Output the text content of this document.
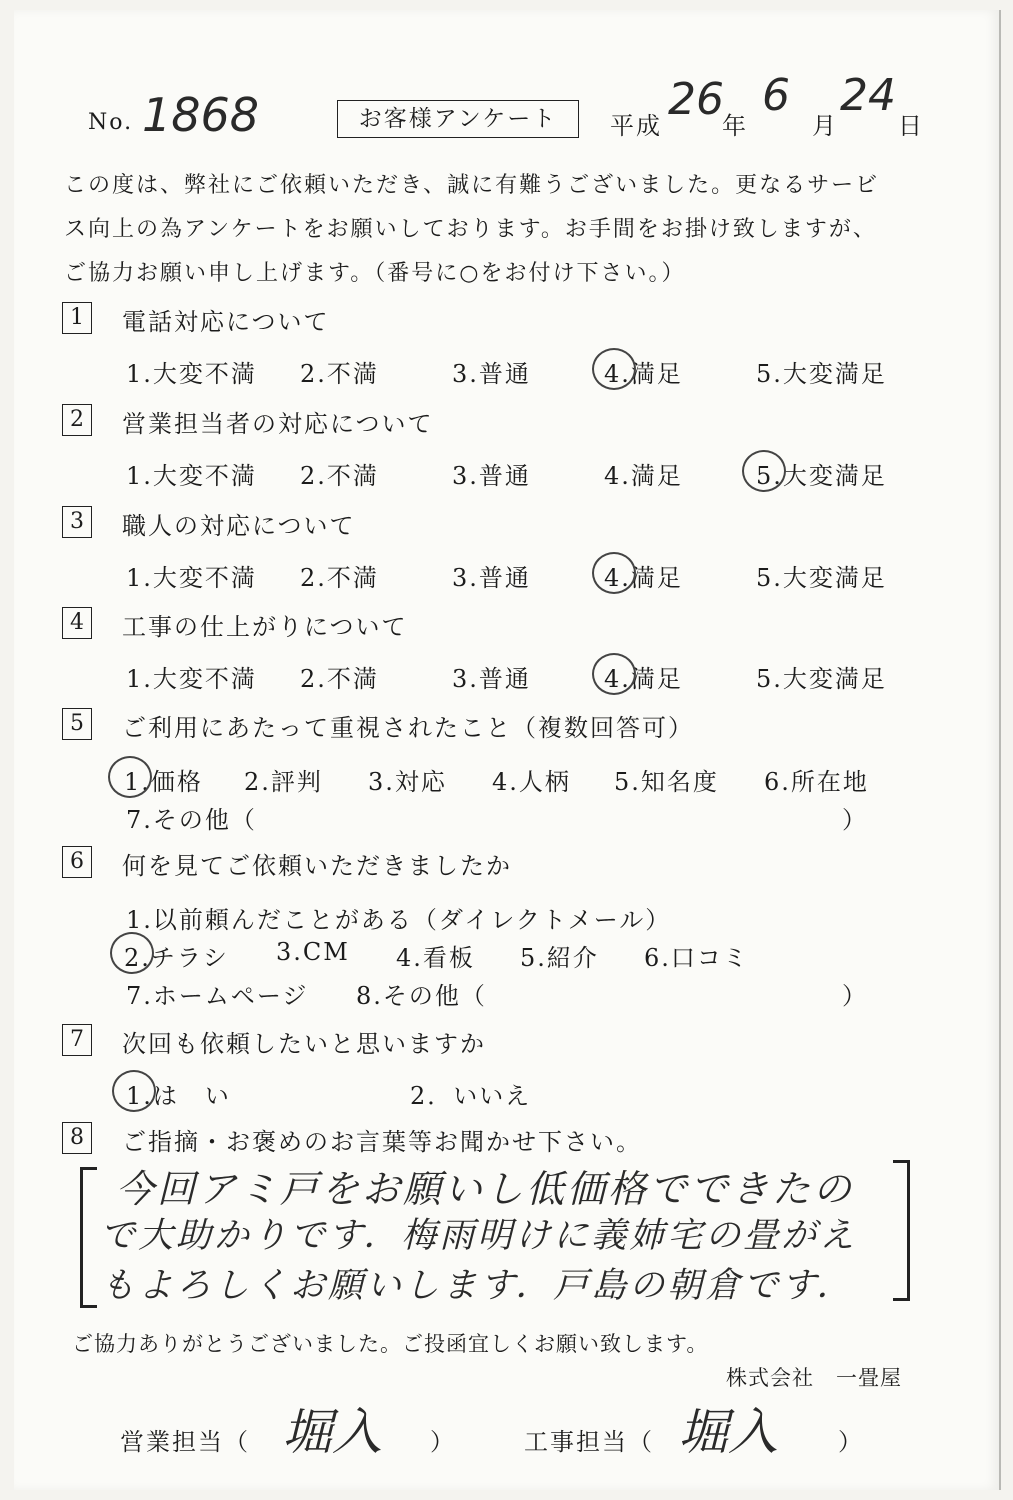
No. 1868	お客様アンケート	平成
26
年
6
月
24
日
この度は、弊社にご依頼いただき、誠に有難うございました。更なるサービ
ス向上の為アンケートをお願いしております。お手間をお掛け致しますが、
ご協力お願い申し上げます。（番号に○をお付け下さい。）
1	電話対応について
1.大変不満 2.不満	3.普通	4.満足	5.大変満足
2	営業担当者の対応について
1.大変不満 2.不満	3.普通	4.満足	5.大変満足
3	職人の対応について
1.大変不満 2.不満	3.普通	4.満足	5.大変満足
4	工事の仕上がりについて
1.大変不満 2.不満	3.普通	4.満足	5.大変満足
5	ご利用にあたって重視されたこと（複数回答可）
1.価格 2.評判 3.対応 4.人柄 5.知名度 6.所在地
7.その他（	）
6	何を見てご依頼いただきましたか
1.以前頼んだことがある（ダイレクトメール）
2.チラシ 3.CM 4.看板 5.紹介 6.口コミ
7.ホームページ 8.その他（	）
7	次回も依頼したいと思いますか
1.は　い	2．いいえ
8	ご指摘・お褒めのお言葉等お聞かせ下さい。
今回アミ戸をお願いし低価格でできたの
で大助かりです．梅雨明けに義姉宅の畳がえ
もよろしくお願いします．戸島の朝倉です．
ご協力ありがとうございました。ご投函宜しくお願い致します。
株式会社　一畳屋
営業担当（ 堀入 ）	工事担当（ 堀入	）
